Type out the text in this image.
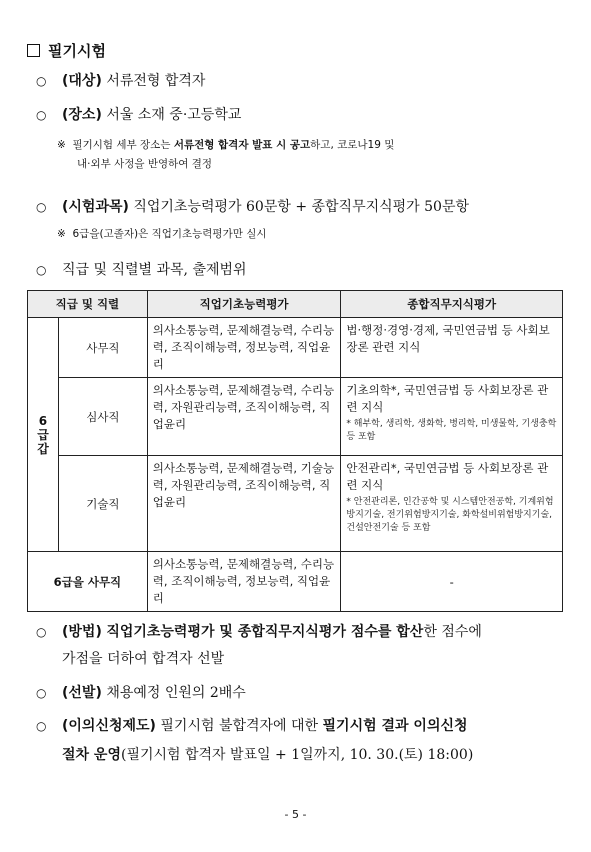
필기시험
○ (대상) 서류전형 합격자
○ (장소) 서울 소재 중·고등학교
※ 필기시험 세부 장소는 서류전형 합격자 발표 시 공고하고, 코로나19 및
내·외부 사정을 반영하여 결정
○ (시험과목) 직업기초능력평가 60문항 + 종합직무지식평가 50문항
※ 6급을(고졸자)은 직업기초능력평가만 실시
○ 직급 및 직렬별 과목, 출제범위
직급 및 직렬		직업기초능력평가	종합직무지식평가

6급갑	사무직	의사소통능력, 문제해결능력, 수리능력, 조직이해능력, 정보능력, 직업윤리	법·행정·경영·경제, 국민연금법 등 사회보장론 관련 지식

	심사직	의사소통능력, 문제해결능력, 수리능력, 자원관리능력, 조직이해능력, 직업윤리	기초의학*, 국민연금법 등 사회보장론 관련 지식
* 해부학, 생리학, 생화학, 병리학, 미생물학, 기생충학 등 포함

	기술직	의사소통능력, 문제해결능력, 기술능력, 자원관리능력, 조직이해능력, 직업윤리	안전관리*, 국민연금법 등 사회보장론 관련 지식
* 안전관리론, 인간공학 및 시스템안전공학, 기계위험방지기술, 전기위험방지기술, 화학설비위험방지기술, 건설안전기술 등 포함

6급을 사무직		의사소통능력, 문제해결능력, 수리능력, 조직이해능력, 정보능력, 직업윤리	-
○ (방법) 직업기초능력평가 및 종합직무지식평가 점수를 합산한 점수에
가점을 더하여 합격자 선발
○ (선발) 채용예정 인원의 2배수
○ (이의신청제도) 필기시험 불합격자에 대한 필기시험 결과 이의신청
절차 운영(필기시험 합격자 발표일 + 1일까지, 10. 30.(토) 18:00)
- 5 -
